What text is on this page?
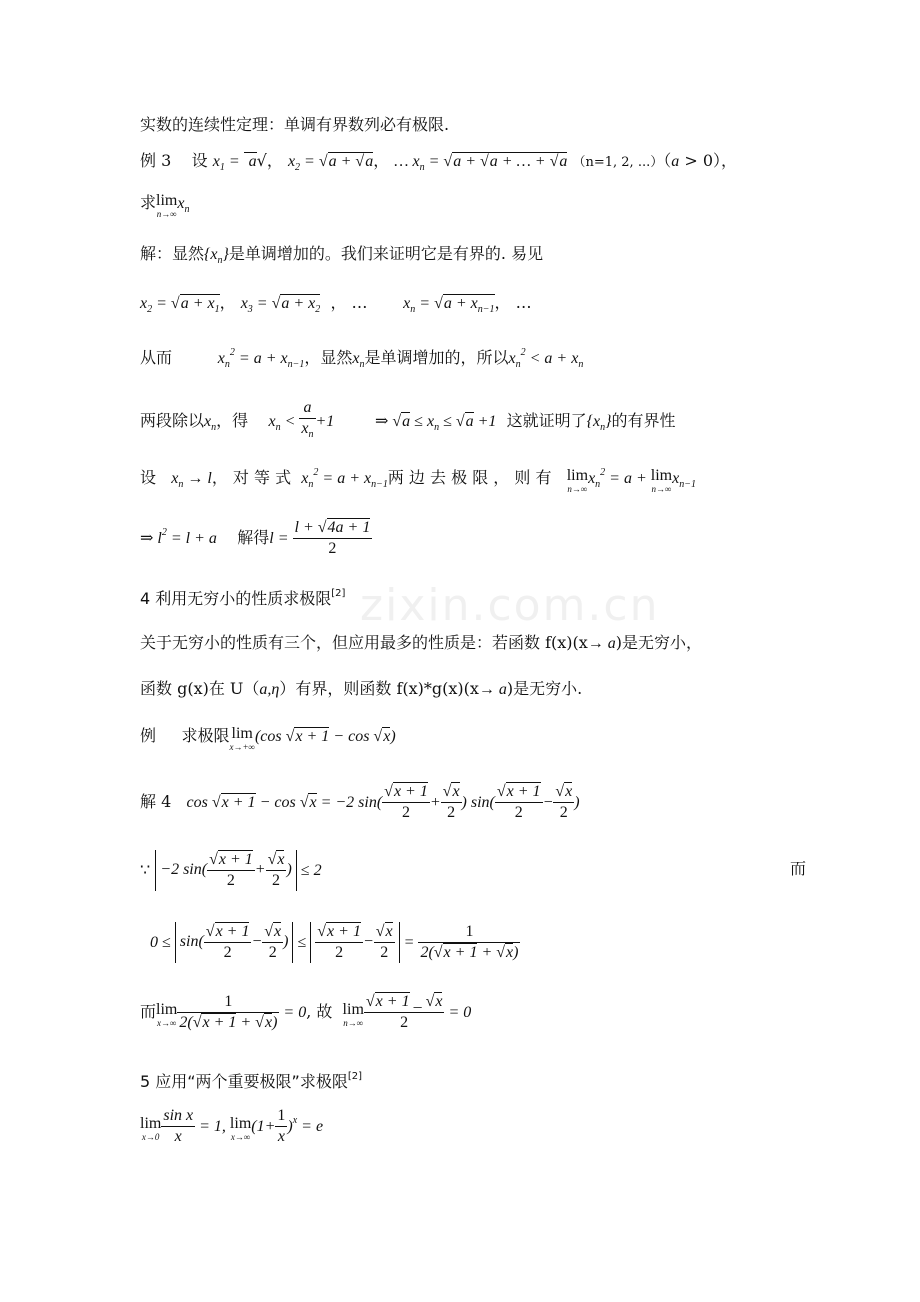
zixin.com.cn
实数的连续性定理：单调有界数列必有极限.
例 3 设 $x_1 = a√$， $x_2 = √a + √a$， … $x_n = √a + √a$ + … + √a （n=1, 2, ...）（a > 0），
求 lim
n→∞
$x_n$
解：显然$\{x_n\}$是单调增加的。我们来证明它是有界的. 易见
$x_2 = √a + x_1$， $x_3 = √a + x_2$  ， …       $x_n = √a + x_{n-1}$， …
从而	$x_n^2 = a + x_{n-1}$，显然$x_n$是单调增加的，所以$x_n^2 < a + x_n$
两段除以$x_n$，得 $x_n < \frac{a}{x_n} +1$	⇒ $√a \le x_n \le √a +1$ 这就证明了$\{x_n\}$的有界性
设 $x_n \to l$， 对 等 式 $x_n^2 = a + x_{n-1}$两 边 去 极 限 ， 则 有 lim
n→∞
$x_n^2 = a + \lim$
n→∞
$x_{n-1}$
⇒ $l^2 = l + a$ 解得$l = \frac{l + √4a + 1}{2}$
4 利用无穷小的性质求极限[2]
关于无穷小的性质有三个，但应用最多的性质是：若函数 f(x)(x→ a)是无穷小，
函数 g(x)在 U（a,η）有界，则函数 f(x)*g(x)(x→ a)是无穷小.
例 求极限 lim
x→+∞
(cos √x + 1 − cos √x)
解 4 cos √x + 1 − cos √x = −2 $\sin( \frac{√x + 1}{2} + \frac{√x}{2}$ ) $\sin( \frac{√x + 1}{2} - \frac{√x}{2}$ )
∵ −2 $\sin( \frac{√x + 1}{2} + \frac{√x}{2}$ ) ≤ 2	而
$0 \le \sin( \frac{√x + 1}{2} - \frac{√x}{2}$ ) ≤ $\frac{√x + 1}{2} - \frac{√x}{2} = \frac{1}{2(√x + 1 + √x)}$
而 lim
$x\to\infty \frac{1}{2(√x + 1 + √x)} = 0$, 故 lim
$n\to\infty \frac{√x + 1 \_ √x}{2} = 0$
5 应用“两个重要极限”求极限[2]
lim
$x\to 0 \frac{\text{sin x}}{x} = 1$, lim
x→∞
$(1+ \frac{1}{x} )^x = e$
